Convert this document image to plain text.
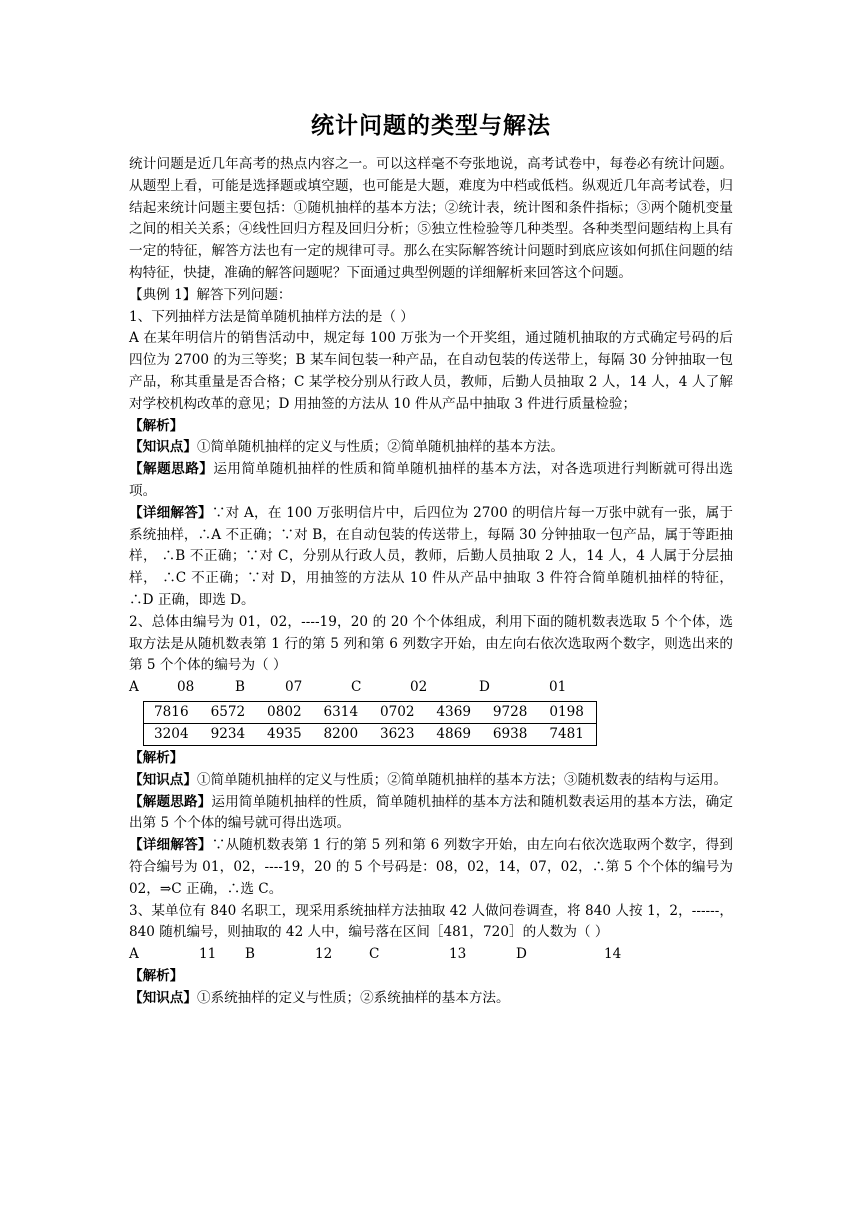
统计问题的类型与解法

统计问题是近几年高考的热点内容之一。可以这样毫不夸张地说，高考试卷中，每卷必有统计问题。从题型上看，可能是选择题或填空题，也可能是大题，难度为中档或低档。纵观近几年高考试卷，归结起来统计问题主要包括：①随机抽样的基本方法；②统计表，统计图和条件指标；③两个随机变量之间的相关关系；④线性回归方程及回归分析；⑤独立性检验等几种类型。各种类型问题结构上具有一定的特征，解答方法也有一定的规律可寻。那么在实际解答统计问题时到底应该如何抓住问题的结构特征，快捷，准确的解答问题呢？下面通过典型例题的详细解析来回答这个问题。

【典例 1】解答下列问题：

1、下列抽样方法是简单随机抽样方法的是（ ）

A 在某年明信片的销售活动中，规定每 100 万张为一个开奖组，通过随机抽取的方式确定号码的后四位为 2700 的为三等奖；B 某车间包装一种产品，在自动包装的传送带上，每隔 30 分钟抽取一包产品，称其重量是否合格；C 某学校分别从行政人员，教师，后勤人员抽取 2 人，14 人，4 人了解对学校机构改革的意见；D 用抽签的方法从 10 件从产品中抽取 3 件进行质量检验；

【解析】

【知识点】①简单随机抽样的定义与性质；②简单随机抽样的基本方法。

【解题思路】运用简单随机抽样的性质和简单随机抽样的基本方法，对各选项进行判断就可得出选项。

【详细解答】∵对 A，在 100 万张明信片中，后四位为 2700 的明信片每一万张中就有一张，属于系统抽样，∴A 不正确；∵对 B，在自动包装的传送带上，每隔 30 分钟抽取一包产品，属于等距抽样， ∴B 不正确；∵对 C，分别从行政人员，教师，后勤人员抽取 2 人，14 人，4 人属于分层抽样， ∴C 不正确；∵对 D，用抽签的方法从 10 件从产品中抽取 3 件符合简单随机抽样的特征， ∴D 正确，即选 D。

2、总体由编号为 01，02，----19，20 的 20 个个体组成，利用下面的随机数表选取 5 个个体，选取方法是从随机数表第 1 行的第 5 列和第 6 列数字开始，由左向右依次选取两个数字，则选出来的第 5 个个体的编号为（ ）

A	08	B	07	C	02	D	01
7816	6572	0802	6314	0702	4369	9728	0198
3204	9234	4935	8200	3623	4869	6938	7481

【解析】

【知识点】①简单随机抽样的定义与性质；②简单随机抽样的基本方法；③随机数表的结构与运用。

【解题思路】运用简单随机抽样的性质，简单随机抽样的基本方法和随机数表运用的基本方法，确定出第 5 个个体的编号就可得出选项。

【详细解答】∵从随机数表第 1 行的第 5 列和第 6 列数字开始，由左向右依次选取两个数字，得到符合编号为 01，02，----19，20 的 5 个号码是：08，02，14，07，02，∴第 5 个个体的编号为 02，⇒C 正确，∴选 C。

3、某单位有 840 名职工，现采用系统抽样方法抽取 42 人做问卷调查，将 840 人按 1，2，------，840 随机编号，则抽取的 42 人中，编号落在区间［481，720］的人数为（ ）

A	11	B	12	C	13	D	14

【解析】

【知识点】①系统抽样的定义与性质；②系统抽样的基本方法。
